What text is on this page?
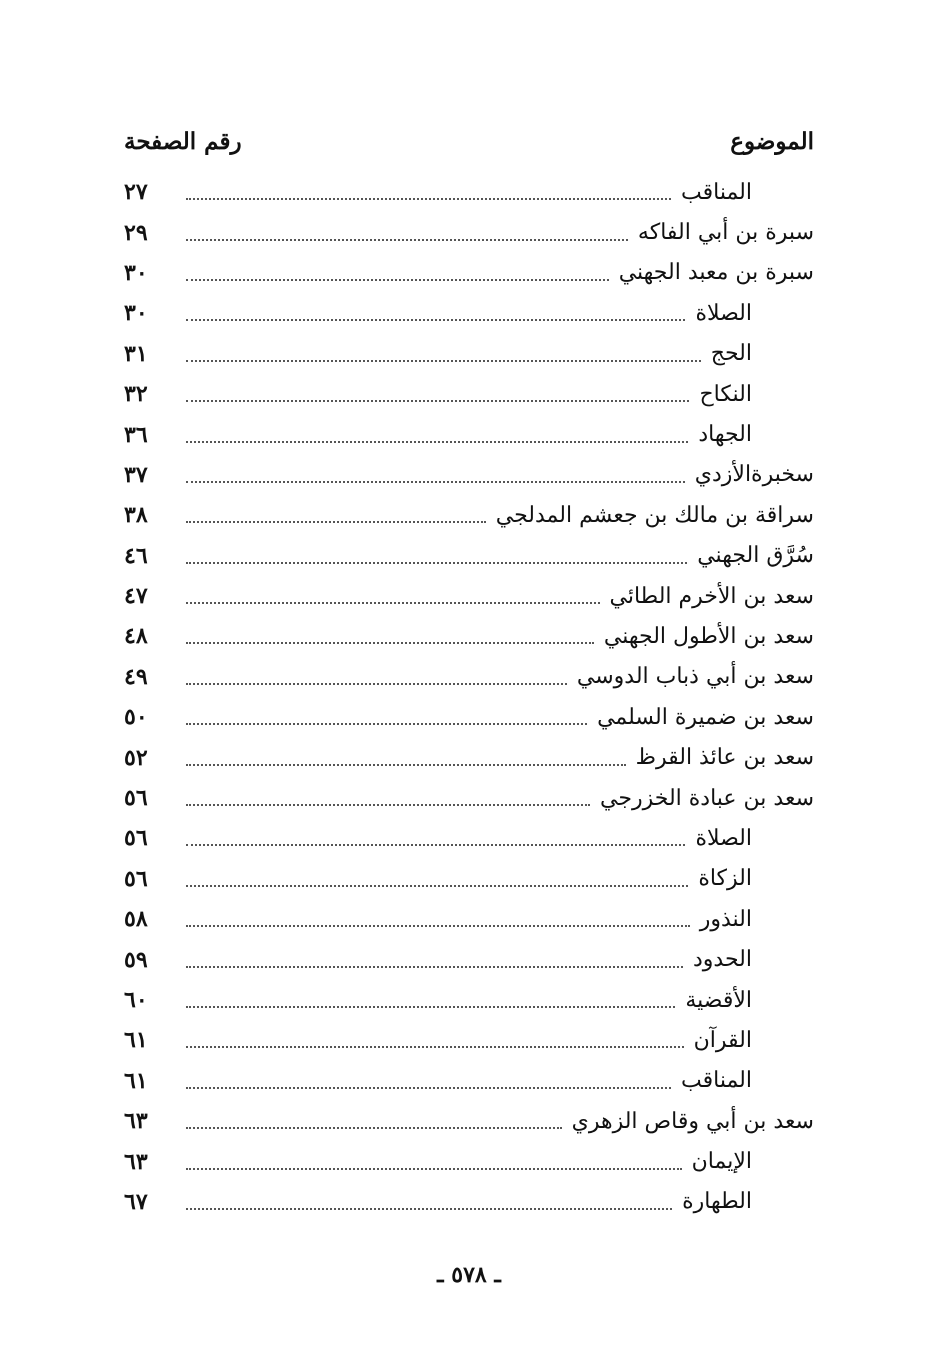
الموضوع
رقم الصفحة
المناقب
٢٧
سبرة بن أبي الفاكه
٢٩
سبرة بن معبد الجهني
٣٠
الصلاة
٣٠
الحج
٣١
النكاح
٣٢
الجهاد
٣٦
سخبرةالأزدي
٣٧
سراقة بن مالك بن جعشم المدلجي
٣٨
سُرَّق الجهني
٤٦
سعد بن الأخرم الطائي
٤٧
سعد بن الأطول الجهني
٤٨
سعد بن أبي ذباب الدوسي
٤٩
سعد بن ضميرة السلمي
٥٠
سعد بن عائذ القرظ
٥٢
سعد بن عبادة الخزرجي
٥٦
الصلاة
٥٦
الزكاة
٥٦
النذور
٥٨
الحدود
٥٩
الأقضية
٦٠
القرآن
٦١
المناقب
٦١
سعد بن أبي وقاص الزهري
٦٣
الإيمان
٦٣
الطهارة
٦٧
ـ ٥٧٨ ـ
